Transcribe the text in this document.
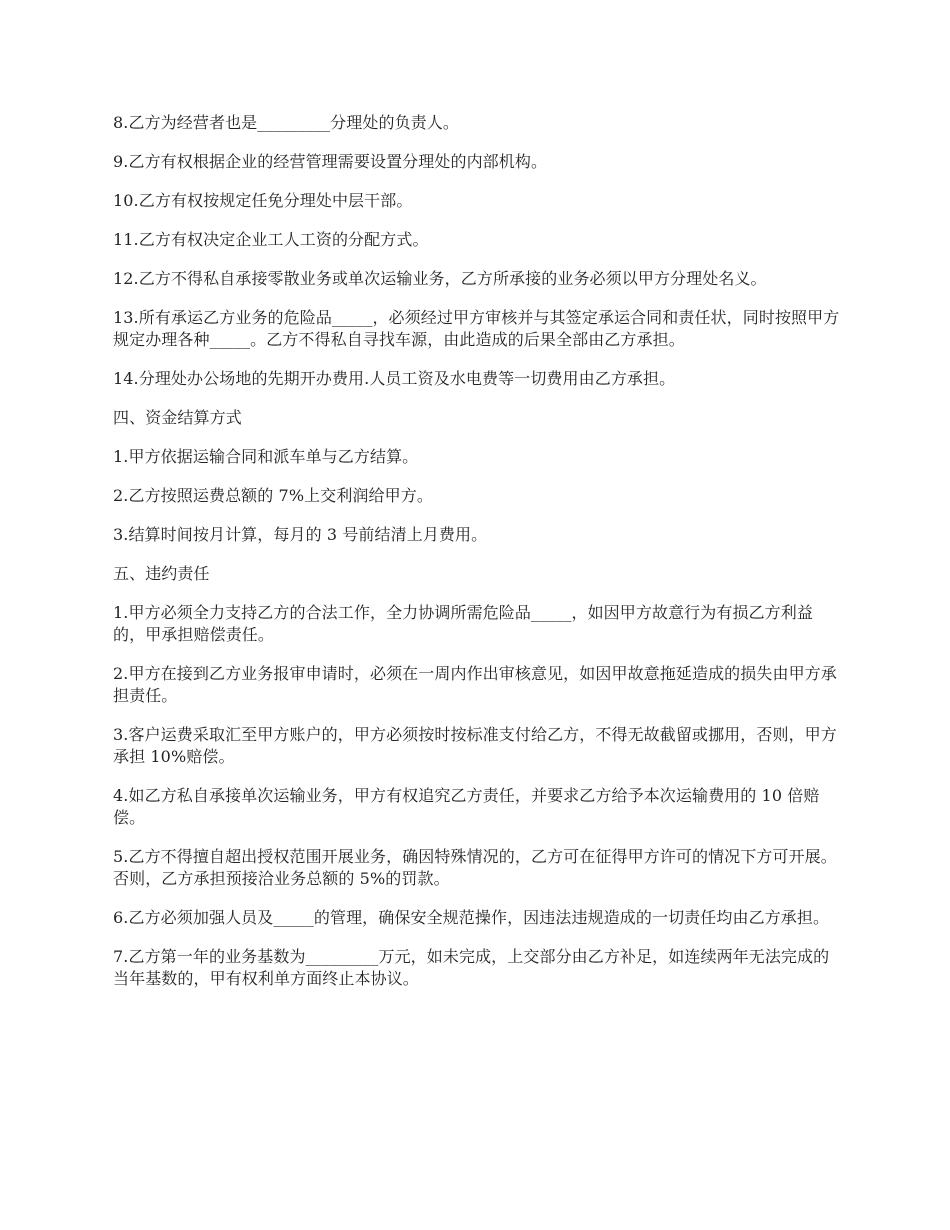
8.乙方为经营者也是_________分理处的负责人。

9.乙方有权根据企业的经营管理需要设置分理处的内部机构。

10.乙方有权按规定任免分理处中层干部。

11.乙方有权决定企业工人工资的分配方式。

12.乙方不得私自承接零散业务或单次运输业务，乙方所承接的业务必须以甲方分理处名义。

13.所有承运乙方业务的危险品_____，必须经过甲方审核并与其签定承运合同和责任状，同时按照甲方规定办理各种_____。乙方不得私自寻找车源，由此造成的后果全部由乙方承担。

14.分理处办公场地的先期开办费用.人员工资及水电费等一切费用由乙方承担。

四、资金结算方式

1.甲方依据运输合同和派车单与乙方结算。

2.乙方按照运费总额的 7%上交利润给甲方。

3.结算时间按月计算，每月的 3 号前结清上月费用。

五、违约责任

1.甲方必须全力支持乙方的合法工作，全力协调所需危险品_____，如因甲方故意行为有损乙方利益的，甲承担赔偿责任。

2.甲方在接到乙方业务报审申请时，必须在一周内作出审核意见，如因甲故意拖延造成的损失由甲方承担责任。

3.客户运费采取汇至甲方账户的，甲方必须按时按标准支付给乙方，不得无故截留或挪用，否则，甲方承担 10%赔偿。

4.如乙方私自承接单次运输业务，甲方有权追究乙方责任，并要求乙方给予本次运输费用的 10 倍赔偿。

5.乙方不得擅自超出授权范围开展业务，确因特殊情况的，乙方可在征得甲方许可的情况下方可开展。否则，乙方承担预接洽业务总额的 5%的罚款。

6.乙方必须加强人员及_____的管理，确保安全规范操作，因违法违规造成的一切责任均由乙方承担。

7.乙方第一年的业务基数为_________万元，如未完成，上交部分由乙方补足，如连续两年无法完成的当年基数的，甲有权利单方面终止本协议。
